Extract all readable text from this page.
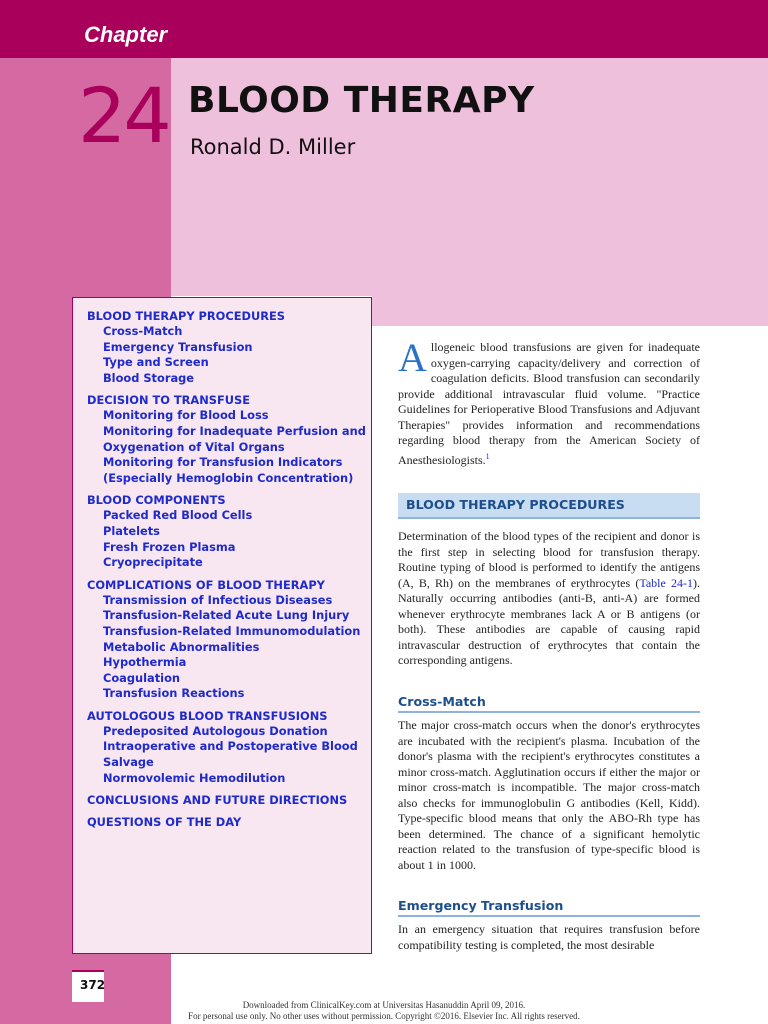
Chapter
24 BLOOD THERAPY
Ronald D. Miller
BLOOD THERAPY PROCEDURES
Cross-Match
Emergency Transfusion
Type and Screen
Blood Storage
DECISION TO TRANSFUSE
Monitoring for Blood Loss
Monitoring for Inadequate Perfusion and
Oxygenation of Vital Organs
Monitoring for Transfusion Indicators
(Especially Hemoglobin Concentration)
BLOOD COMPONENTS
Packed Red Blood Cells
Platelets
Fresh Frozen Plasma
Cryoprecipitate
COMPLICATIONS OF BLOOD THERAPY
Transmission of Infectious Diseases
Transfusion-Related Acute Lung Injury
Transfusion-Related Immunomodulation
Metabolic Abnormalities
Hypothermia
Coagulation
Transfusion Reactions
AUTOLOGOUS BLOOD TRANSFUSIONS
Predeposited Autologous Donation
Intraoperative and Postoperative Blood
Salvage
Normovolemic Hemodilution
CONCLUSIONS AND FUTURE DIRECTIONS
QUESTIONS OF THE DAY
Allogeneic blood transfusions are given for inadequate oxygen-carrying capacity/delivery and correction of coagulation deficits. Blood transfusion can secondarily provide additional intravascular fluid volume. "Practice Guidelines for Perioperative Blood Transfusions and Adjuvant Therapies" provides information and recommendations regarding blood therapy from the American Society of Anesthesiologists.$^1$
BLOOD THERAPY PROCEDURES
Determination of the blood types of the recipient and donor is the first step in selecting blood for transfusion therapy. Routine typing of blood is performed to identify the antigens (A, B, Rh) on the membranes of erythrocytes (Table 24-1). Naturally occurring antibodies (anti-B, anti-A) are formed whenever erythrocyte membranes lack A or B antigens (or both). These antibodies are capable of causing rapid intravascular destruction of erythrocytes that contain the corresponding antigens.
Cross-Match
The major cross-match occurs when the donor's erythrocytes are incubated with the recipient's plasma. Incubation of the donor's plasma with the recipient's erythrocytes constitutes a minor cross-match. Agglutination occurs if either the major or minor cross-match is incompatible. The major cross-match also checks for immunoglobulin G antibodies (Kell, Kidd). Type-specific blood means that only the ABO-Rh type has been determined. The chance of a significant hemolytic reaction related to the transfusion of type-specific blood is about 1 in 1000.
Emergency Transfusion
In an emergency situation that requires transfusion before compatibility testing is completed, the most desirable
372
Downloaded from ClinicalKey.com at Universitas Hasanuddin April 09, 2016.
For personal use only. No other uses without permission. Copyright ©2016. Elsevier Inc. All rights reserved.
